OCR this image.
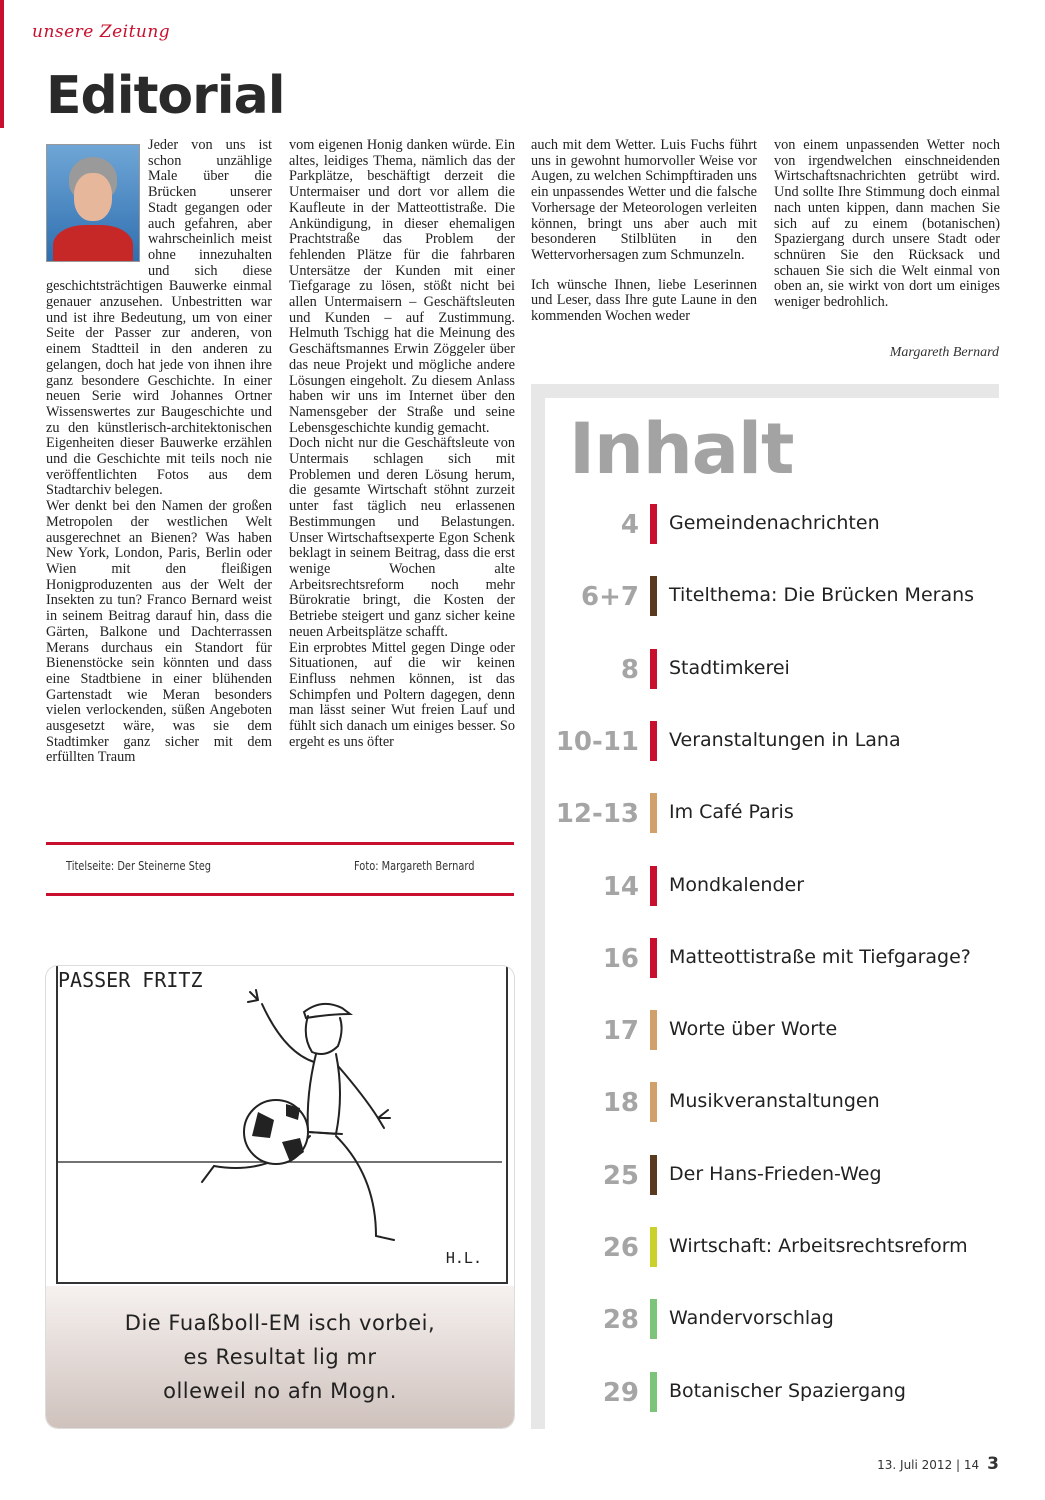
unsere Zeitung
Editorial

Jeder von uns ist schon unzählige Male über die Brücken unserer Stadt gegangen oder auch gefahren, aber wahrscheinlich meist ohne innezuhalten und sich diese geschichtsträchtigen Bauwerke einmal genauer anzusehen. Unbestritten war und ist ihre Bedeutung, um von einer Seite der Passer zur anderen, von einem Stadtteil in den anderen zu gelangen, doch hat jede von ihnen ihre ganz besondere Geschichte. In einer neuen Serie wird Johannes Ortner Wissenswertes zur Baugeschichte und zu den künstlerisch-architektonischen Eigenheiten dieser Bauwerke erzählen und die Geschichte mit teils noch nie veröffentlichten Fotos aus dem Stadtarchiv belegen.

Wer denkt bei den Namen der großen Metropolen der westlichen Welt ausgerechnet an Bienen? Was haben New York, London, Paris, Berlin oder Wien mit den fleißigen Honigproduzenten aus der Welt der Insekten zu tun? Franco Bernard weist in seinem Beitrag darauf hin, dass die Gärten, Balkone und Dachterrassen Merans durchaus ein Standort für Bienenstöcke sein könnten und dass eine Stadtbiene in einer blühenden Gartenstadt wie Meran besonders vielen verlockenden, süßen Angeboten ausgesetzt wäre, was sie dem Stadtimker ganz sicher mit dem erfüllten Traum

vom eigenen Honig danken würde. Ein altes, leidiges Thema, nämlich das der Parkplätze, beschäftigt derzeit die Untermaiser und dort vor allem die Kaufleute in der Matteottistraße. Die Ankündigung, in dieser ehemaligen Prachtstraße das Problem der fehlenden Plätze für die fahrbaren Untersätze der Kunden mit einer Tiefgarage zu lösen, stößt nicht bei allen Untermaisern – Geschäftsleuten und Kunden – auf Zustimmung. Helmuth Tschigg hat die Meinung des Geschäftsmannes Erwin Zöggeler über das neue Projekt und mögliche andere Lösungen eingeholt. Zu diesem Anlass haben wir uns im Internet über den Namensgeber der Straße und seine Lebensgeschichte kundig gemacht.

Doch nicht nur die Geschäftsleute von Untermais schlagen sich mit Problemen und deren Lösung herum, die gesamte Wirtschaft stöhnt zurzeit unter fast täglich neu erlassenen Bestimmungen und Belastungen. Unser Wirtschaftsexperte Egon Schenk beklagt in seinem Beitrag, dass die erst wenige Wochen alte Arbeitsrechtsreform noch mehr Bürokratie bringt, die Kosten der Betriebe steigert und ganz sicher keine neuen Arbeitsplätze schafft.

Ein erprobtes Mittel gegen Dinge oder Situationen, auf die wir keinen Einfluss nehmen können, ist das Schimpfen und Poltern dagegen, denn man lässt seiner Wut freien Lauf und fühlt sich danach um einiges besser. So ergeht es uns öfter

auch mit dem Wetter. Luis Fuchs führt uns in gewohnt humorvoller Weise vor Augen, zu welchen Schimpftiraden uns ein unpassendes Wetter und die falsche Vorhersage der Meteorologen verleiten können, bringt uns aber auch mit besonderen Stilblüten in den Wettervorhersagen zum Schmunzeln.

Ich wünsche Ihnen, liebe Leserinnen und Leser, dass Ihre gute Laune in den kommenden Wochen weder

von einem unpassenden Wetter noch von irgendwelchen einschneidenden Wirtschaftsnachrichten getrübt wird. Und sollte Ihre Stimmung doch einmal nach unten kippen, dann machen Sie sich auf zu einem (botanischen) Spaziergang durch unsere Stadt oder schnüren Sie den Rücksack und schauen Sie sich die Welt einmal von oben an, sie wirkt von dort um einiges weniger bedrohlich.

Margareth Bernard
Titelseite: Der Steinerne Steg	Foto: Margareth Bernard
PASSER FRITZ
H.L.

Die Fuaßboll-EM isch vorbei,

es Resultat lig mr

olleweil no afn Mogn.

Inhalt
4 Gemeindenachrichten
6+7 Titelthema: Die Brücken Merans
8 Stadtimkerei
10-11 Veranstaltungen in Lana
12-13 Im Café Paris
14 Mondkalender
16 Matteottistraße mit Tiefgarage?
17 Worte über Worte
18 Musikveranstaltungen
25 Der Hans-Frieden-Weg
26 Wirtschaft: Arbeitsrechtsreform
28 Wandervorschlag
29 Botanischer Spaziergang
13. Juli 2012 | 14 3
